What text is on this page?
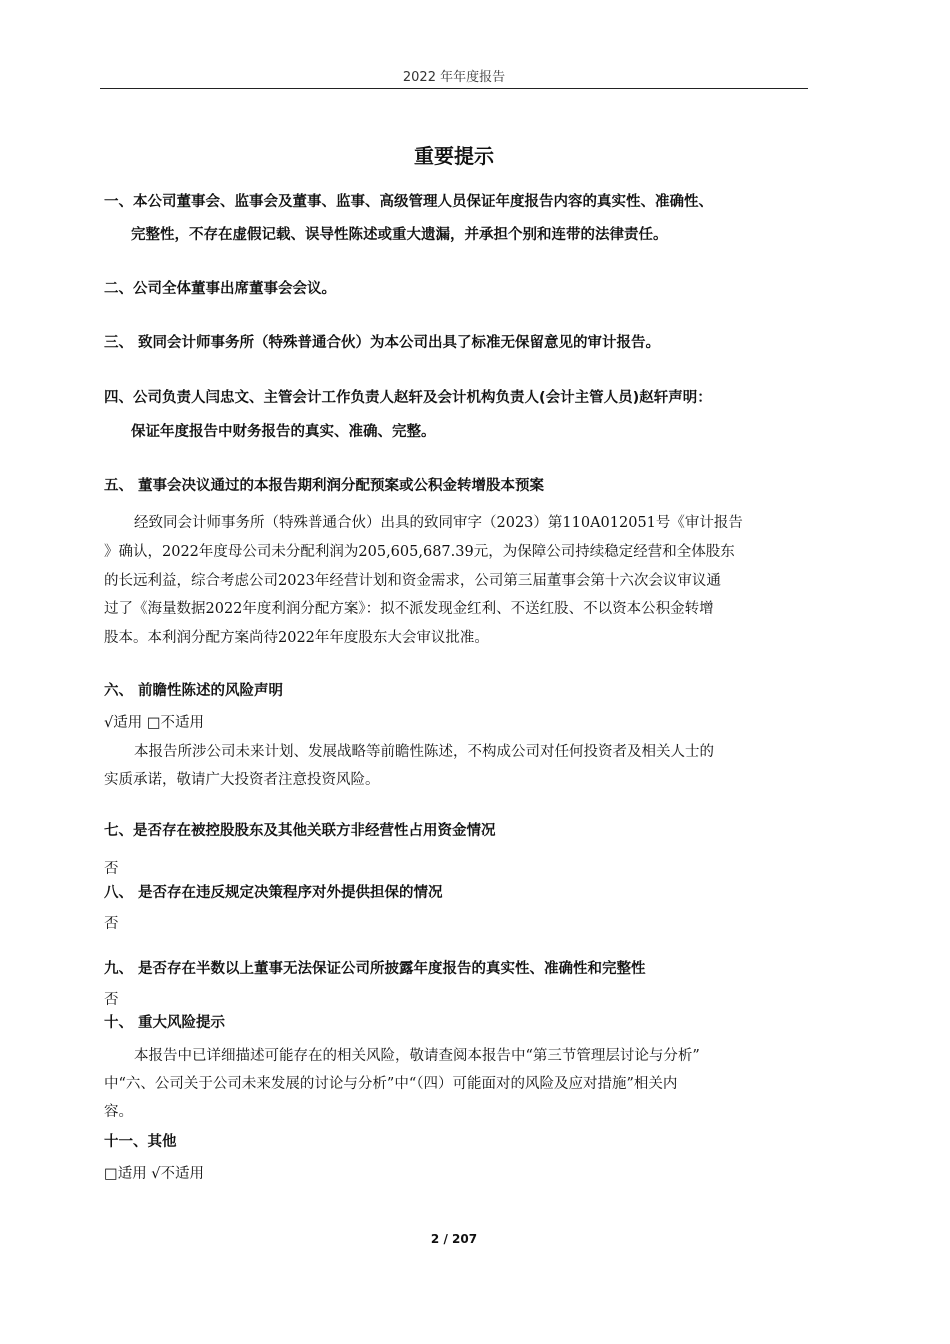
2022 年年度报告
重要提示
一、本公司董事会、监事会及董事、监事、高级管理人员保证年度报告内容的真实性、准确性、
完整性，不存在虚假记载、误导性陈述或重大遗漏，并承担个别和连带的法律责任。
二、公司全体董事出席董事会会议。
三、 致同会计师事务所（特殊普通合伙）为本公司出具了标准无保留意见的审计报告。
四、公司负责人闫忠文、主管会计工作负责人赵轩及会计机构负责人(会计主管人员)赵轩声明：
保证年度报告中财务报告的真实、准确、完整。
五、 董事会决议通过的本报告期利润分配预案或公积金转增股本预案
经致同会计师事务所（特殊普通合伙）出具的致同审字（2023）第110A012051号《审计报告
》确认，2022年度母公司未分配利润为205,605,687.39元，为保障公司持续稳定经营和全体股东
的长远利益，综合考虑公司2023年经营计划和资金需求，公司第三届董事会第十六次会议审议通
过了《海量数据2022年度利润分配方案》：拟不派发现金红利、不送红股、不以资本公积金转增
股本。本利润分配方案尚待2022年年度股东大会审议批准。
六、 前瞻性陈述的风险声明
√适用 □不适用
本报告所涉公司未来计划、发展战略等前瞻性陈述，不构成公司对任何投资者及相关人士的
实质承诺，敬请广大投资者注意投资风险。
七、是否存在被控股股东及其他关联方非经营性占用资金情况
否
八、 是否存在违反规定决策程序对外提供担保的情况
否
九、 是否存在半数以上董事无法保证公司所披露年度报告的真实性、准确性和完整性
否
十、 重大风险提示
本报告中已详细描述可能存在的相关风险，敬请查阅本报告中“第三节管理层讨论与分析”
中“六、公司关于公司未来发展的讨论与分析”中“（四）可能面对的风险及应对措施”相关内
容。
十一、其他
□适用 √不适用
2 / 207
